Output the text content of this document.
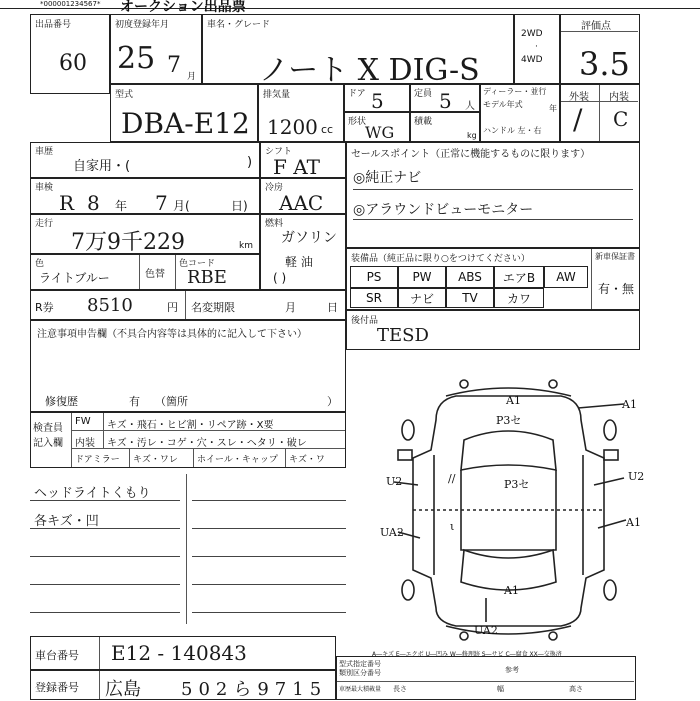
オークション出品票
*000001234567*
出品番号
60
初度登録年月
25 7 月
車名・グレード
ノート X DIG-S
2WD
·
4WD
評価点
3.5
型式
DBA-E12
排気量
1200 cc
ドア 5	定員 5 人
ディーラー・並行
モデル年式	年
ハンドル 左・右
形状
WG
積載
kg
外装 内装
/ C
車歴
自家用・(	)
シフト
F AT
車検
R 8 年 7 月(	日)
冷房
AAC
走行
7万9千229	km
燃料
ガソリン
軽 油
( )
色
ライトブルー	色替
色コード
RBE
R券 8510	円 名変期限	月	日
注意事項申告欄（不具合内容等は具体的に記入して下さい）
修復歴	有 （箇所	）
検査員
記入欄
FW キズ・飛石・ヒビ割・リペア跡・X要
内装 キズ・汚レ・コゲ・穴・スレ・ヘタリ・破レ
ドアミラー キズ・ワレ ホイール・キャップ キズ・ワ
ヘッドライトくもり
各キズ・凹
セールスポイント（正常に機能するものに限ります）
◎純正ナビ
◎アラウンドビューモニター
装備品（純正品に限り○をつけてください）	新車保証書
PS	PW	ABS	エアB	AW
SR	ナビ	TV	カワ
有・無
後付品
TESD
A1
P3セ
A1
U2	P3セ
U2
UA2
A1
A1
UA2
//
ι
A―キズ E―エクボ U―凹み W―修理跡 S―サビ C―腐食 XX―交換済
車台番号 E12 - 140843
登録番号 広島 502ら9715
型式指定番号
類別区分番号	参考
車歴最大積載量 長さ	幅	高さ
